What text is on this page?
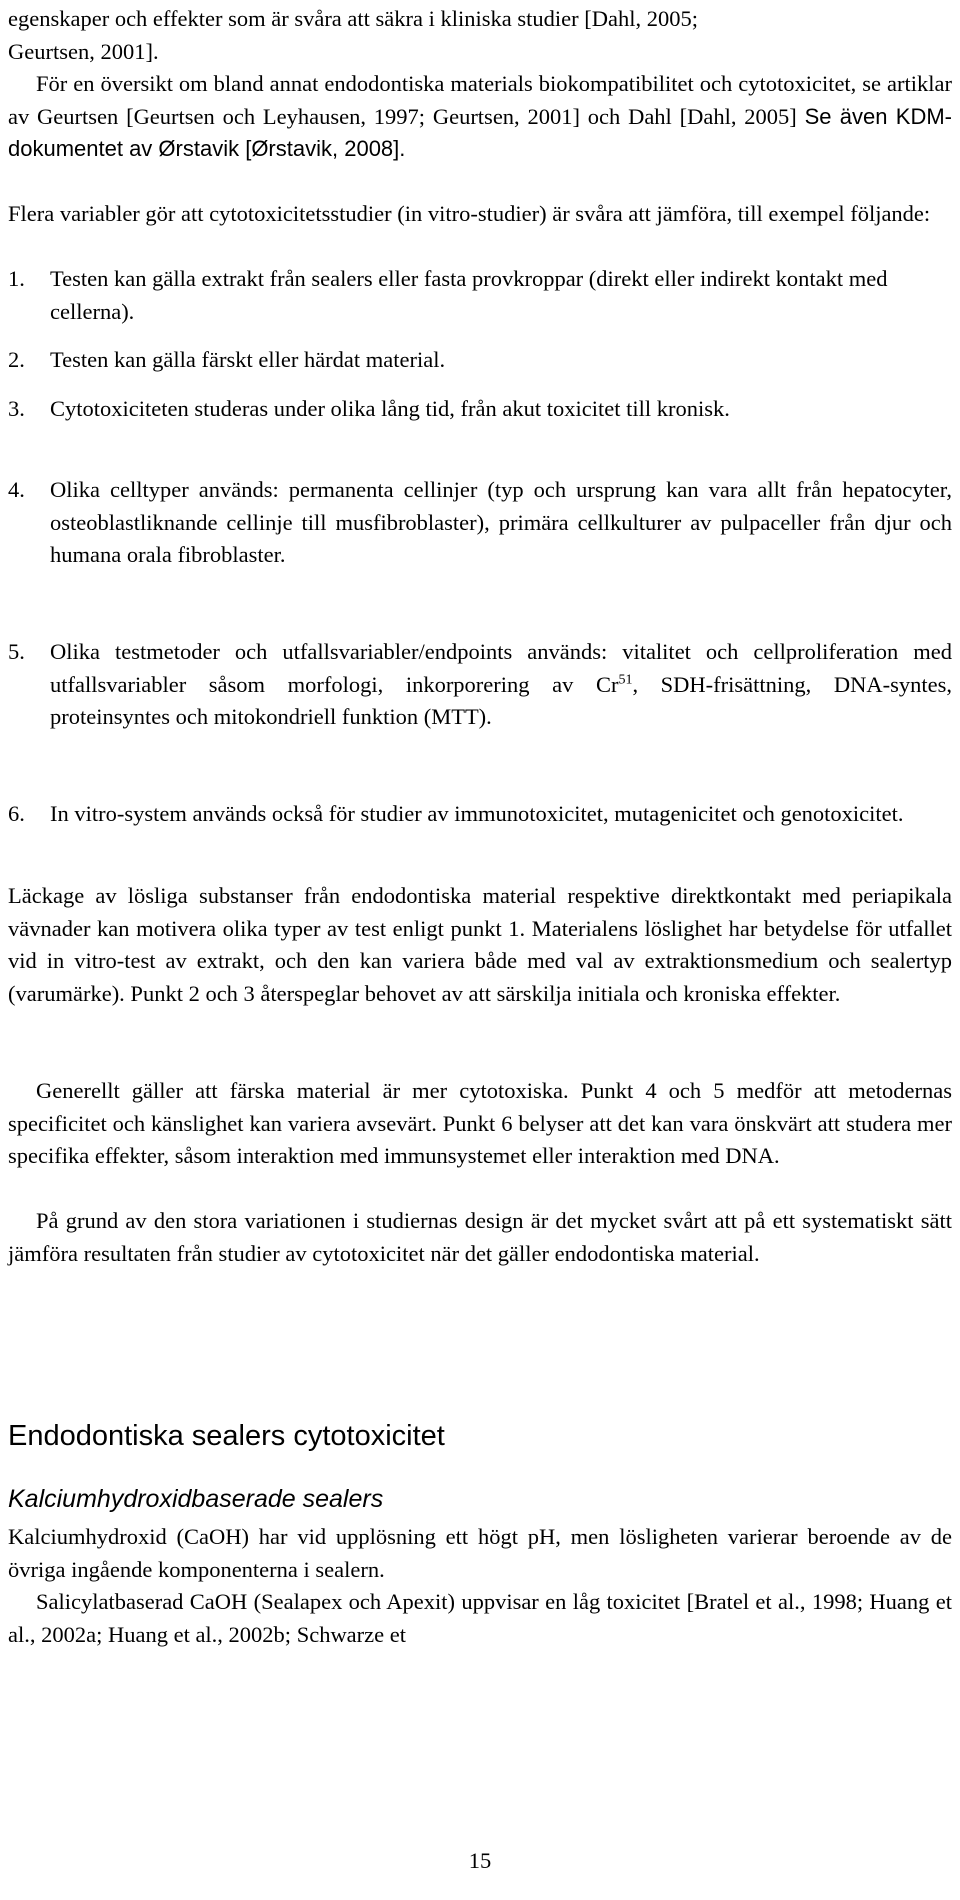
egenskaper och effekter som är svåra att säkra i kliniska studier [Dahl, 2005;
Geurtsen, 2001].

För en översikt om bland annat endodontiska materials biokompatibilitet och cytotoxicitet, se artiklar av Geurtsen [Geurtsen och Leyhausen, 1997; Geurtsen, 2001] och Dahl [Dahl, 2005] Se även KDM-dokumentet av Ørstavik [Ørstavik, 2008].

Flera variabler gör att cytotoxicitetsstudier (in vitro-studier) är svåra att jämföra, till exempel följande:

1. Testen kan gälla extrakt från sealers eller fasta provkroppar (direkt eller indirekt kontakt med cellerna).

2. Testen kan gälla färskt eller härdat material.

3. Cytotoxiciteten studeras under olika lång tid, från akut toxicitet till kronisk.

4. Olika celltyper används: permanenta cellinjer (typ och ursprung kan vara allt från hepatocyter, osteoblastliknande cellinje till musfibroblaster), primära cellkulturer av pulpaceller från djur och humana orala fibroblaster.

5. Olika testmetoder och utfallsvariabler/endpoints används: vitalitet och cellproliferation med utfallsvariabler såsom morfologi, inkorporering av Cr$^{51}$, SDH-frisättning, DNA-syntes, proteinsyntes och mitokondriell funktion (MTT).

6. In vitro-system används också för studier av immunotoxicitet, mutagenicitet och genotoxicitet.

Läckage av lösliga substanser från endodontiska material respektive direktkontakt med periapikala vävnader kan motivera olika typer av test enligt punkt 1. Materialens löslighet har betydelse för utfallet vid in vitro-test av extrakt, och den kan variera både med val av extraktionsmedium och sealertyp (varumärke). Punkt 2 och 3 återspeglar behovet av att särskilja initiala och kroniska effekter.

Generellt gäller att färska material är mer cytotoxiska. Punkt 4 och 5 medför att metodernas specificitet och känslighet kan variera avsevärt. Punkt 6 belyser att det kan vara önskvärt att studera mer specifika effekter, såsom interaktion med immunsystemet eller interaktion med DNA.

På grund av den stora variationen i studiernas design är det mycket svårt att på ett systematiskt sätt jämföra resultaten från studier av cytotoxicitet när det gäller endodontiska material.

Endodontiska sealers cytotoxicitet
Kalciumhydroxidbaserade sealers

Kalciumhydroxid (CaOH) har vid upplösning ett högt pH, men lösligheten varierar beroende av de övriga ingående komponenterna i sealern.

Salicylatbaserad CaOH (Sealapex och Apexit) uppvisar en låg toxicitet [Bratel et al., 1998; Huang et al., 2002a; Huang et al., 2002b; Schwarze et

15
